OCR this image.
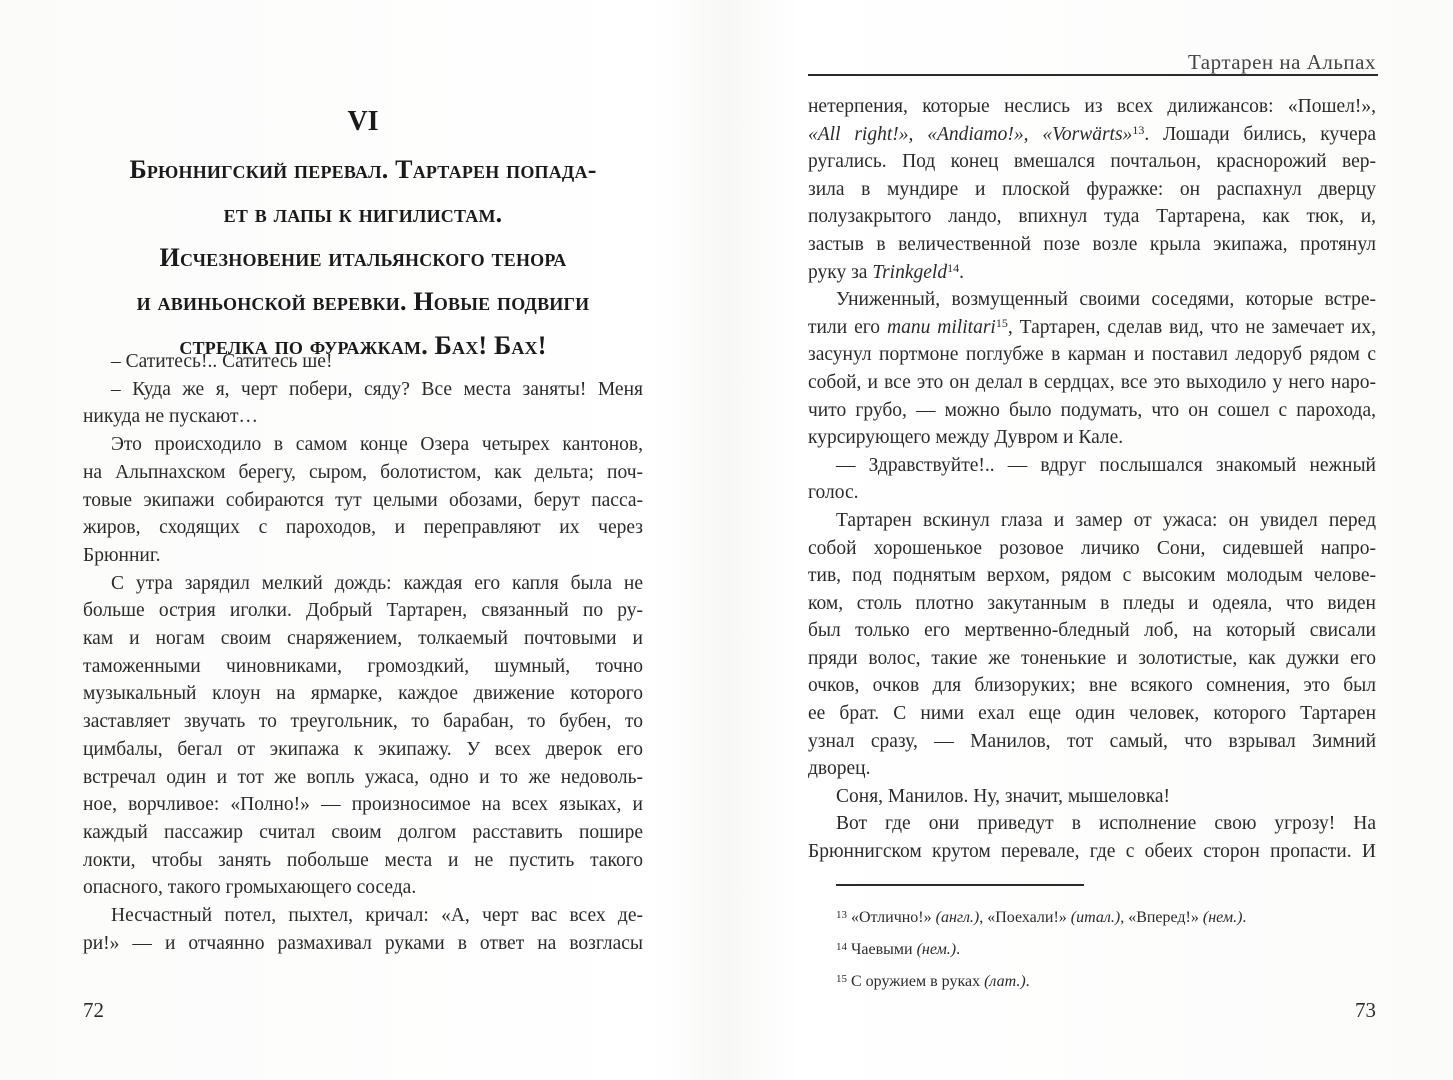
VI
Брюннигский перевал. Тартарен попада-
ет в лапы к нигилистам.
Исчезновение итальянского тенора
и авиньонской веревки. Новые подвиги
стрелка по фуражкам. Бах! Бах!
– Сатитесь!.. Сатитесь ше!
– Куда же я, черт побери, сяду? Все места заняты! Меня
никуда не пускают…
Это происходило в самом конце Озера четырех кантонов,
на Альпнахском берегу, сыром, болотистом, как дельта; поч-
товые экипажи собираются тут целыми обозами, берут пасса-
жиров, сходящих с пароходов, и переправляют их через
Брюнниг.
С утра зарядил мелкий дождь: каждая его капля была не
больше острия иголки. Добрый Тартарен, связанный по ру-
кам и ногам своим снаряжением, толкаемый почтовыми и
таможенными чиновниками, громоздкий, шумный, точно
музыкальный клоун на ярмарке, каждое движение которого
заставляет звучать то треугольник, то барабан, то бубен, то
цимбалы, бегал от экипажа к экипажу. У всех дверок его
встречал один и тот же вопль ужаса, одно и то же недоволь-
ное, ворчливое: «Полно!» — произносимое на всех языках, и
каждый пассажир считал своим долгом расставить пошире
локти, чтобы занять побольше места и не пустить такого
опасного, такого громыхающего соседа.
Несчастный потел, пыхтел, кричал: «А, черт вас всех де-
ри!» — и отчаянно размахивал руками в ответ на возгласы
72
Тартарен на Альпах
нетерпения, которые неслись из всех дилижансов: «Пошел!»,
«All right!», «Andiamo!», «Vorwärts»$^{13}$. Лошади бились, кучера
ругались. Под конец вмешался почтальон, краснорожий вер-
зила в мундире и плоской фуражке: он распахнул дверцу
полузакрытого ландо, впихнул туда Тартарена, как тюк, и,
застыв в величественной позе возле крыла экипажа, протянул
руку за Trinkgeld$^{14}$.
Униженный, возмущенный своими соседями, которые встре-
тили его manu militari$^{15}$, Тартарен, сделав вид, что не замечает их,
засунул портмоне поглубже в карман и поставил ледоруб рядом с
собой, и все это он делал в сердцах, все это выходило у него наро-
чито грубо, — можно было подумать, что он сошел с парохода,
курсирующего между Дувром и Кале.
— Здравствуйте!.. — вдруг послышался знакомый нежный
голос.
Тартарен вскинул глаза и замер от ужаса: он увидел перед
собой хорошенькое розовое личико Сони, сидевшей напро-
тив, под поднятым верхом, рядом с высоким молодым челове-
ком, столь плотно закутанным в пледы и одеяла, что виден
был только его мертвенно-бледный лоб, на который свисали
пряди волос, такие же тоненькие и золотистые, как дужки его
очков, очков для близоруких; вне всякого сомнения, это был
ее брат. С ними ехал еще один человек, которого Тартарен
узнал сразу, — Манилов, тот самый, что взрывал Зимний
дворец.
Соня, Манилов. Ну, значит, мышеловка!
Вот где они приведут в исполнение свою угрозу! На
Брюннигском крутом перевале, где с обеих сторон пропасти. И
$^{13}$ «Отлично!» (англ.), «Поехали!» (итал.), «Вперед!» (нем.).
$^{14}$ Чаевыми (нем.).
$^{15}$ С оружием в руках (лат.).
73
